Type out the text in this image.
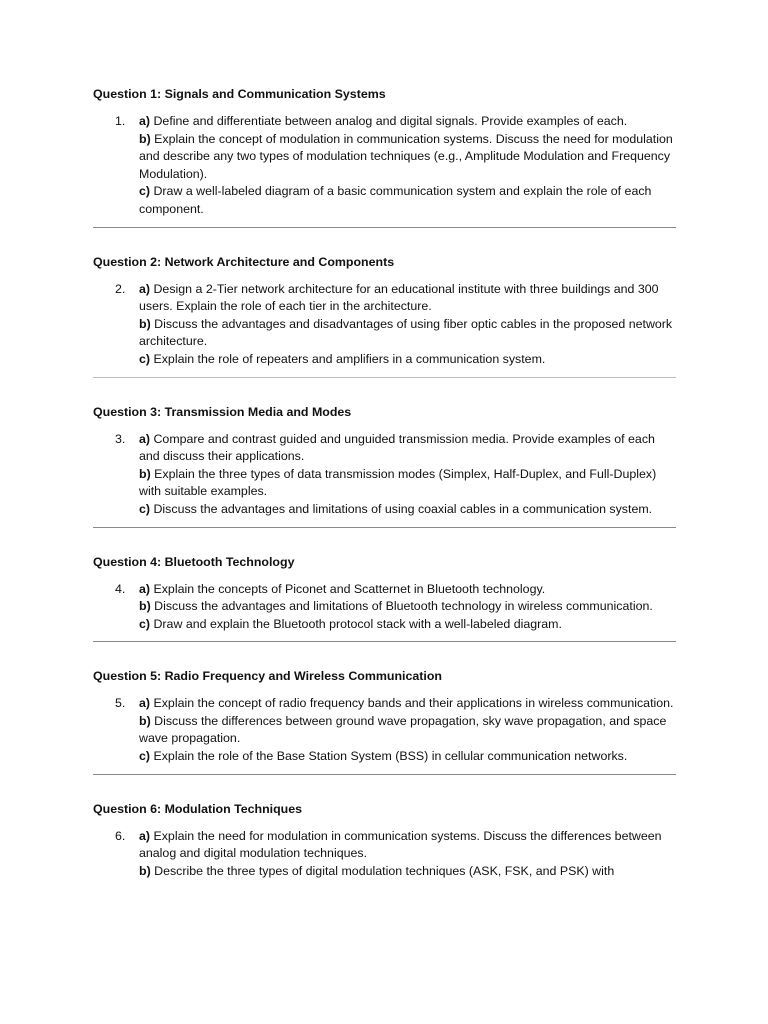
Question 1: Signals and Communication Systems

1. a) Define and differentiate between analog and digital signals. Provide examples of each.

b) Explain the concept of modulation in communication systems. Discuss the need for modulation and describe any two types of modulation techniques (e.g., Amplitude Modulation and Frequency Modulation).

c) Draw a well-labeled diagram of a basic communication system and explain the role of each component.

Question 2: Network Architecture and Components

2. a) Design a 2-Tier network architecture for an educational institute with three buildings and 300 users. Explain the role of each tier in the architecture.

b) Discuss the advantages and disadvantages of using fiber optic cables in the proposed network architecture.

c) Explain the role of repeaters and amplifiers in a communication system.

Question 3: Transmission Media and Modes

3. a) Compare and contrast guided and unguided transmission media. Provide examples of each and discuss their applications.

b) Explain the three types of data transmission modes (Simplex, Half-Duplex, and Full-Duplex) with suitable examples.

c) Discuss the advantages and limitations of using coaxial cables in a communication system.

Question 4: Bluetooth Technology

4. a) Explain the concepts of Piconet and Scatternet in Bluetooth technology.

b) Discuss the advantages and limitations of Bluetooth technology in wireless communication.

c) Draw and explain the Bluetooth protocol stack with a well-labeled diagram.

Question 5: Radio Frequency and Wireless Communication

5. a) Explain the concept of radio frequency bands and their applications in wireless communication.

b) Discuss the differences between ground wave propagation, sky wave propagation, and space wave propagation.

c) Explain the role of the Base Station System (BSS) in cellular communication networks.

Question 6: Modulation Techniques

6. a) Explain the need for modulation in communication systems. Discuss the differences between analog and digital modulation techniques.

b) Describe the three types of digital modulation techniques (ASK, FSK, and PSK) with
